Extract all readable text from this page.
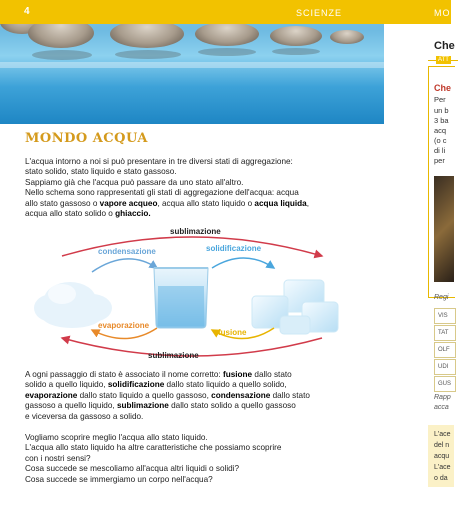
4	SCIENZE	MO
MONDO ACQUA
L'acqua intorno a noi si può presentare in tre diversi stati di aggregazione:
stato solido, stato liquido e stato gassoso.
Sappiamo già che l'acqua può passare da uno stato all'altro.
Nello schema sono rappresentati gli stati di aggregazione dell'acqua: acqua
allo stato gassoso o vapore acqueo, acqua allo stato liquido o acqua liquida,
acqua allo stato solido o ghiaccio.
sublimazione
condensazione	solidificazione
evaporazione
fusione
sublimazione
A ogni passaggio di stato è associato il nome corretto: fusione dallo stato
solido a quello liquido, solidificazione dallo stato liquido a quello solido,
evaporazione dallo stato liquido a quello gassoso, condensazione dallo stato
gassoso a quello liquido, sublimazione dallo stato solido a quello gassoso
e viceversa da gassoso a solido.
Vogliamo scoprire meglio l'acqua allo stato liquido.
L'acqua allo stato liquido ha altre caratteristiche che possiamo scoprire
con i nostri sensi?
Cosa succede se mescoliamo all'acqua altri liquidi o solidi?
Cosa succede se immergiamo un corpo nell'acqua?
Che
ATT
Che
Per
un b
3 ba
acq
(o c
di li
per
Regi
VIS
TAT
OLF
UDI
GUS
Rapp
acca
L'ace
del n
acqu
L'ace
o da
